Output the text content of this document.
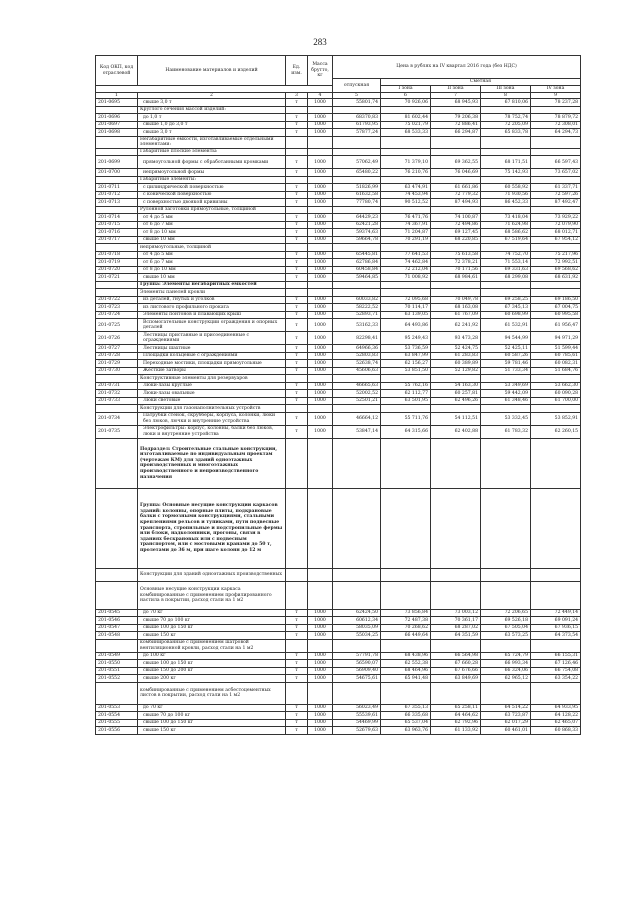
283
Код ОКП, код отраслевой	Наименование материалов и изделий	Ед. изм.	Масса брутто, кг	Цена в рублях на IV квартал 2016 года (без НДС)				
				отпускная	Сметная			
					I зона	II зона	III зона	IV зона
1	2	3	4	5	6	7	8	9
201-0695	свыше 3,0 т	т	1000	55801,74	70 926,06	68 945,93	67 810,06	78 237,28
	Круглого сечения массой изделий:							
201-0696	до 1,0 т	т	1000	68370,83	81 602,44	79 206,38	78 752,74	78 879,72
201-0697	свыше 1,0 до 3,0 т	т	1000	61793,95	75 021,79	72 886,41	72 205,09	72 308,01
201-0698	свыше 3,0 т	т	1000	57877,24	68 533,33	66 294,87	65 833,78	64 294,73
	Негабаритные емкости, изготавливаемые отдельными элементами:							
	Габаритные плоские элементы:							
201-0699	прямоугольной формы с обработанными кромками	т	1000	57062,49	71 379,10	69 362,55	68 171,51	66 597,43
201-0700	непрямоугольной формы	т	1000	65480,22	76 210,76	76 046,69	75 142,93	73 657,02
	Габаритные элементы:							
201-0711	с цилиндрической поверхностью	т	1000	51826,99	63 474,91	61 661,86	60 558,92	61 337,71
201-0712	с конической поверхностью	т	1000	61632,58	74 453,94	72 779,32	71 930,56	72 597,26
201-0713	с поверхностью двоякой кривизны	т	1000	77780,74	90 512,52	87 494,93	86 452,33	87 492,47
	Рулонной заготовки прямоугольные, толщиной							
201-0714	от 4 до 5 мм	т	1000	64429,23	76 471,76	74 100,87	73 418,04	73 929,22
201-0715	от 6 до 7 мм	т	1000	62421,28	74 367,91	72 494,86	71 624,98	72 079,90
201-0716	от 8 до 10 мм	т	1000	59374,63	71 204,87	69 127,45	68 586,62	68 012,71
201-0717	свыше 10 мм	т	1000	59664,78	70 291,19	68 220,85	67 519,64	67 954,12
	непрямоугольные, толщиной							
201-0718	от 4 до 5 мм	т	1000	65445,81	77 641,53	75 613,58	74 752,70	75 217,96
201-0719	от 6 до 7 мм	т	1000	62786,84	74 462,84	72 378,21	71 553,14	72 992,51
201-0720	от 8 до 10 мм	т	1000	60458,84	72 212,04	70 171,56	69 331,63	69 568,62
201-0721	свыше 10 мм	т	1000	59464,85	71 008,92	68 984,61	68 299,08	68 631,92
	Группа: Элементы негабаритных емкостей							
	Элементы панелей кровли							
201-0722	из деталей, гнутых и уголков	т	1000	60033,82	72 095,68	70 049,78	69 258,25	69 186,50
201-0723	из листового профильного проката	т	1000	58222,52	70 114,17	68 163,08	67 345,13	67 004,75
201-0724	Элементы понтонов и плавающих крыш	т	1000	52893,71	63 139,05	61 767,09	60 698,99	60 995,58
201-0725	Вспомогательные конструкции ограждения и опорных деталей	т	1000	53162,33	64 493,86	62 241,92	61 532,91	61 956,47
201-0726	Лестницы приставные и присоединенные с ограждениями	т	1000	82298,41	95 249,43	93 473,28	94 544,99	94 971,29
201-0727	Лестницы шахтные	т	1000	64966,36	53 736,59	52 424,75	52 425,11	51 599,44
201-0728	Площадки кольцевые с ограждениями	т	1000	52803,83	63 847,99	61 283,83	60 587,26	60 785,61
201-0729	Переходные мостики, площадки прямоугольные	т	1000	52638,74	62 156,27	60 389,89	59 781,46	60 082,31
201-0730	Жесткие затворы	т	1000	45606,63	53 851,50	52 129,82	51 733,34	51 684,76
	Конструктивные элементы для резервуаров							
201-0731	Люки-лазы круглые	т	1000	46665,63	55 762,16	54 163,30	53 349,69	53 662,30
201-0732	Люки-лазы овальные	т	1000	52002,52	62 112,77	60 257,81	59 442,09	60 090,28
201-0733	Люки световые	т	1000	52501,21	63 501,95	62 496,26	61 348,46	61 700,00
	Конструкции для газонаполнительных устройств							
201-0734	Патрубки стенок, скрубберы, корпуса, колонки, люки без люков, лючки и внутренние устройства	т	1000	46664,12	55 711,76	54 112,51	53 332,45	53 852,91
201-0735	Электрофильтры: корпус, колонны, балки без люков, люки и внутренние устройства	т	1000	53847,14	64 315,66	62 402,88	61 783,32	62 260,15
	Подраздел: Строительные стальные конструкции, изготавливаемые по индивидуальным проектам (чертежам КМ) для зданий одноэтажных производственных и многоэтажных производственного и непроизводственного назначения							
	Группа: Основные несущие конструкции каркасов зданий: колонны, опорные плиты, подкрановые балки с тормозными конструкциями, стальными креплениями рельсов и тупиками, пути подвесные транспорта, стропильные и подстропильные фермы или блоки, надколонники, прогоны, связи в зданиях бескрановых или с подвесным транспортом, или с мостовыми кранами до 50 т, пролетами до 36 м, при шаге колонн до 12 м							
	Конструкции для зданий одноэтажных производственных							
	Основные несущие конструкции каркаса комбинированные с применением профилированного настила в покрытии, расход стали на 1 м2							
201-0545	до 70 кг	т	1000	62424,50	73 856,84	73 003,12	72 206,65	72 449,14
201-0546	свыше 70 до 100 кг	т	1000	60612,34	72 487,38	70 361,17	69 526,18	69 091,24
201-0547	свыше 100 до 150 кг	т	1000	58035,09	70 268,62	68 287,02	67 505,04	67 936,15
201-0548	свыше 150 кг	т	1000	55034,25	66 449,64	64 351,59	63 573,25	64 373,54
	комбинированные с применением шатровой вентиляционной кровли, расход стали на 1 м2							
201-0549	до 100 кг	т	1000	57791,78	68 438,96	66 564,98	65 724,79	66 155,31
201-0550	свыше 100 до 150 кг	т	1000	56590,07	62 552,38	67 660,28	66 993,34	67 126,46
201-0551	свыше 150 до 200 кг	т	1000	56909,40	68 464,96	67 676,66	66 324,06	66 754,08
201-0552	свыше 200 кг	т	1000	54675,61	65 941,48	63 849,69	62 965,12	63 354,22
	комбинированные с применением асбестоцементных листов в покрытии, расход стали на 1 м2							
201-0553	до 70 кг	т	1000	56023,49	67 355,13	65 258,11	64 514,22	64 933,95
201-0554	свыше 70 до 100 кг	т	1000	55539,61	66 335,68	64 464,62	63 723,87	64 128,22
201-0555	свыше 100 до 150 кг	т	1000	54469,99	65 537,04	62 792,96	62 017,29	62 465,07
201-0556	свыше 150 кг	т	1000	52679,63	63 963,76	61 133,92	60 461,01	60 868,33
